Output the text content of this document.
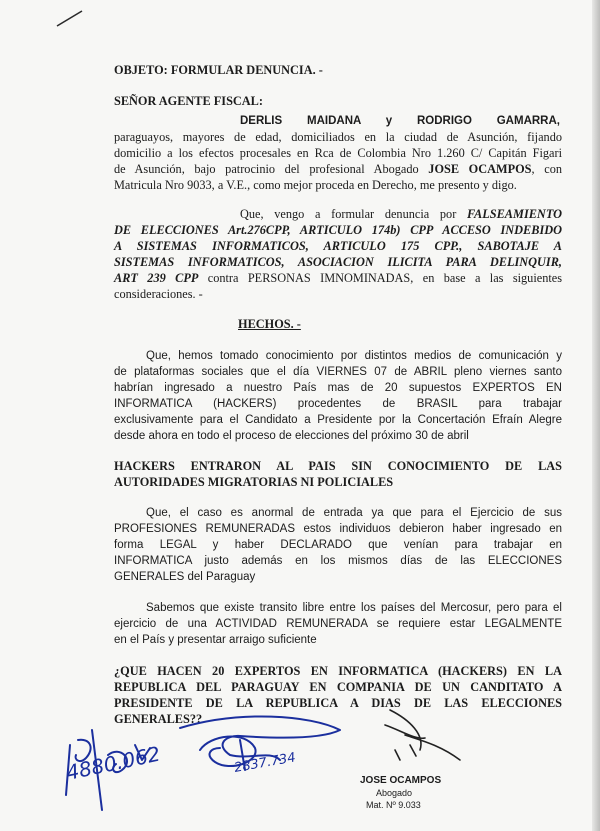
OBJETO: FORMULAR DENUNCIA. -

SEÑOR AGENTE FISCAL:

DERLIS MAIDANA y RODRIGO GAMARRA,

paraguayos, mayores de edad, domiciliados en la ciudad de Asunción, fijando

domicilio a los efectos procesales en Rca de Colombia Nro 1.260 C/ Capitán Figari

de Asunción, bajo patrocinio del profesional Abogado JOSE OCAMPOS, con

Matricula Nro 9033, a V.E., como mejor proceda en Derecho, me presento y digo.

Que, vengo a formular denuncia por FALSEAMIENTO

DE ELECCIONES Art.276CPP, ARTICULO 174b) CPP ACCESO INDEBIDO

A SISTEMAS INFORMATICOS, ARTICULO 175 CPP., SABOTAJE A

SISTEMAS INFORMATICOS, ASOCIACION ILICITA PARA DELINQUIR,

ART 239 CPP contra PERSONAS IMNOMINADAS, en base a las siguientes

consideraciones. -

HECHOS. -

Que, hemos tomado conocimiento por distintos medios de comunicación y

de plataformas sociales que el día VIERNES 07 de ABRIL pleno viernes santo

habrían ingresado a nuestro País mas de 20 supuestos EXPERTOS EN

INFORMATICA (HACKERS) procedentes de BRASIL para trabajar

exclusivamente para el Candidato a Presidente por la Concertación Efraín Alegre

desde ahora en todo el proceso de elecciones del próximo 30 de abril

HACKERS ENTRARON AL PAIS SIN CONOCIMIENTO DE LAS

AUTORIDADES MIGRATORIAS NI POLICIALES

Que, el caso es anormal de entrada ya que para el Ejercicio de sus

PROFESIONES REMUNERADAS estos individuos debieron haber ingresado en

forma LEGAL y haber DECLARADO que venían para trabajar en

INFORMATICA justo además en los mismos días de las ELECCIONES

GENERALES del Paraguay

Sabemos que existe transito libre entre los países del Mercosur, pero para el

ejercicio de una ACTIVIDAD REMUNERADA se requiere estar LEGALMENTE

en el País y presentar arraigo suficiente

¿QUE HACEN 20 EXPERTOS EN INFORMATICA (HACKERS) EN LA

REPUBLICA DEL PARAGUAY EN COMPANIA DE UN CANDITATO A

PRESIDENTE DE LA REPUBLICA A DIAS DE LAS ELECCIONES

GENERALES??

4880.062	2837.734
JOSE OCAMPOS
Abogado
Mat. Nº 9.033
